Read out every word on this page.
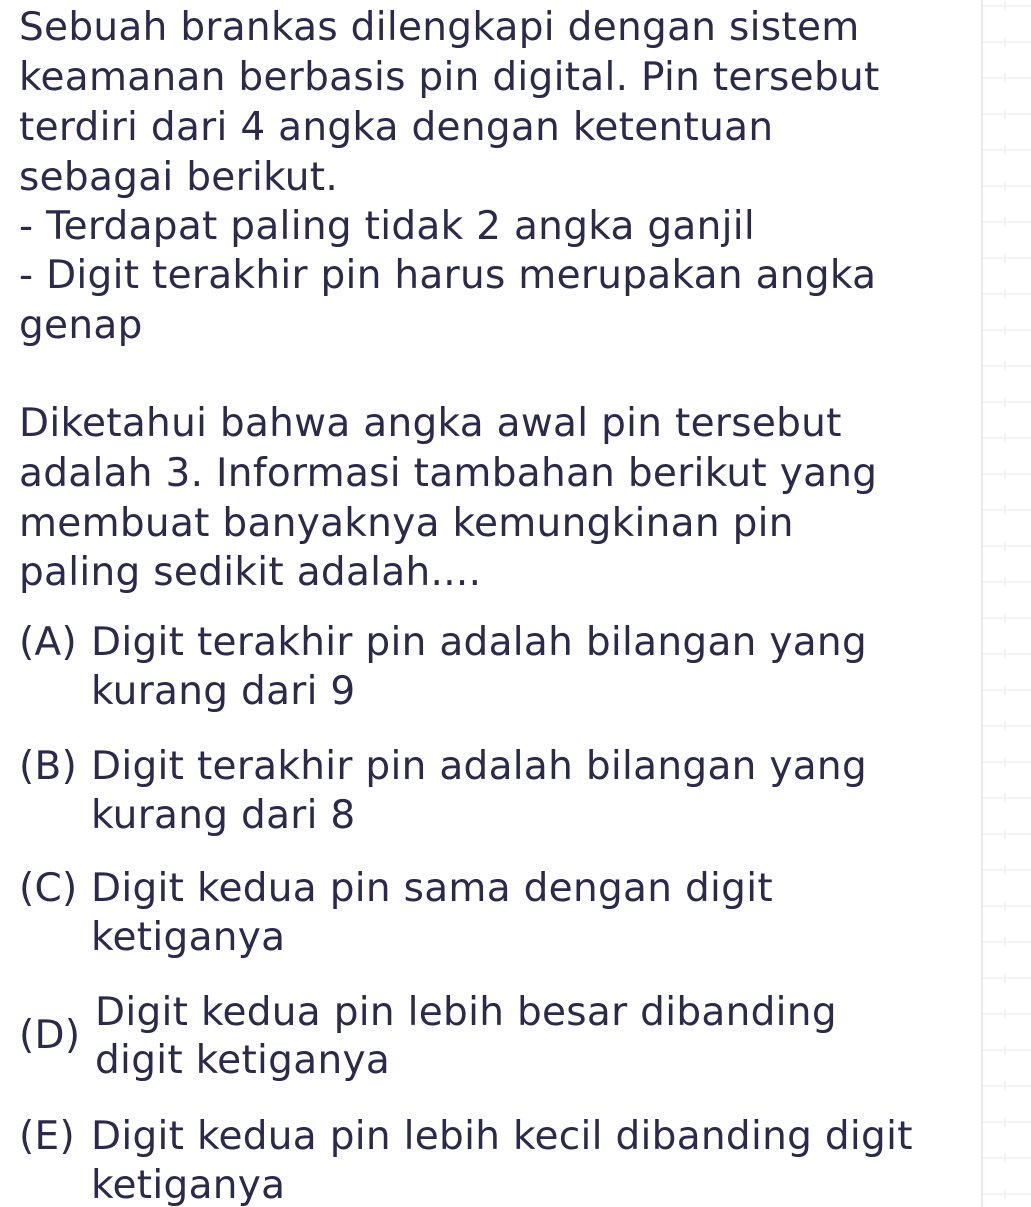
Sebuah brankas dilengkapi dengan sistem
keamanan berbasis pin digital. Pin tersebut
terdiri dari 4 angka dengan ketentuan
sebagai berikut.
- Terdapat paling tidak 2 angka ganjil
- Digit terakhir pin harus merupakan angka
genap
Diketahui bahwa angka awal pin tersebut
adalah 3. Informasi tambahan berikut yang
membuat banyaknya kemungkinan pin
paling sedikit adalah....
(A) Digit terakhir pin adalah bilangan yang
kurang dari 9
(B) Digit terakhir pin adalah bilangan yang
kurang dari 8
(C) Digit kedua pin sama dengan digit
ketiganya
(D)
Digit kedua pin lebih besar dibanding
digit ketiganya
(E) Digit kedua pin lebih kecil dibanding digit
ketiganya
